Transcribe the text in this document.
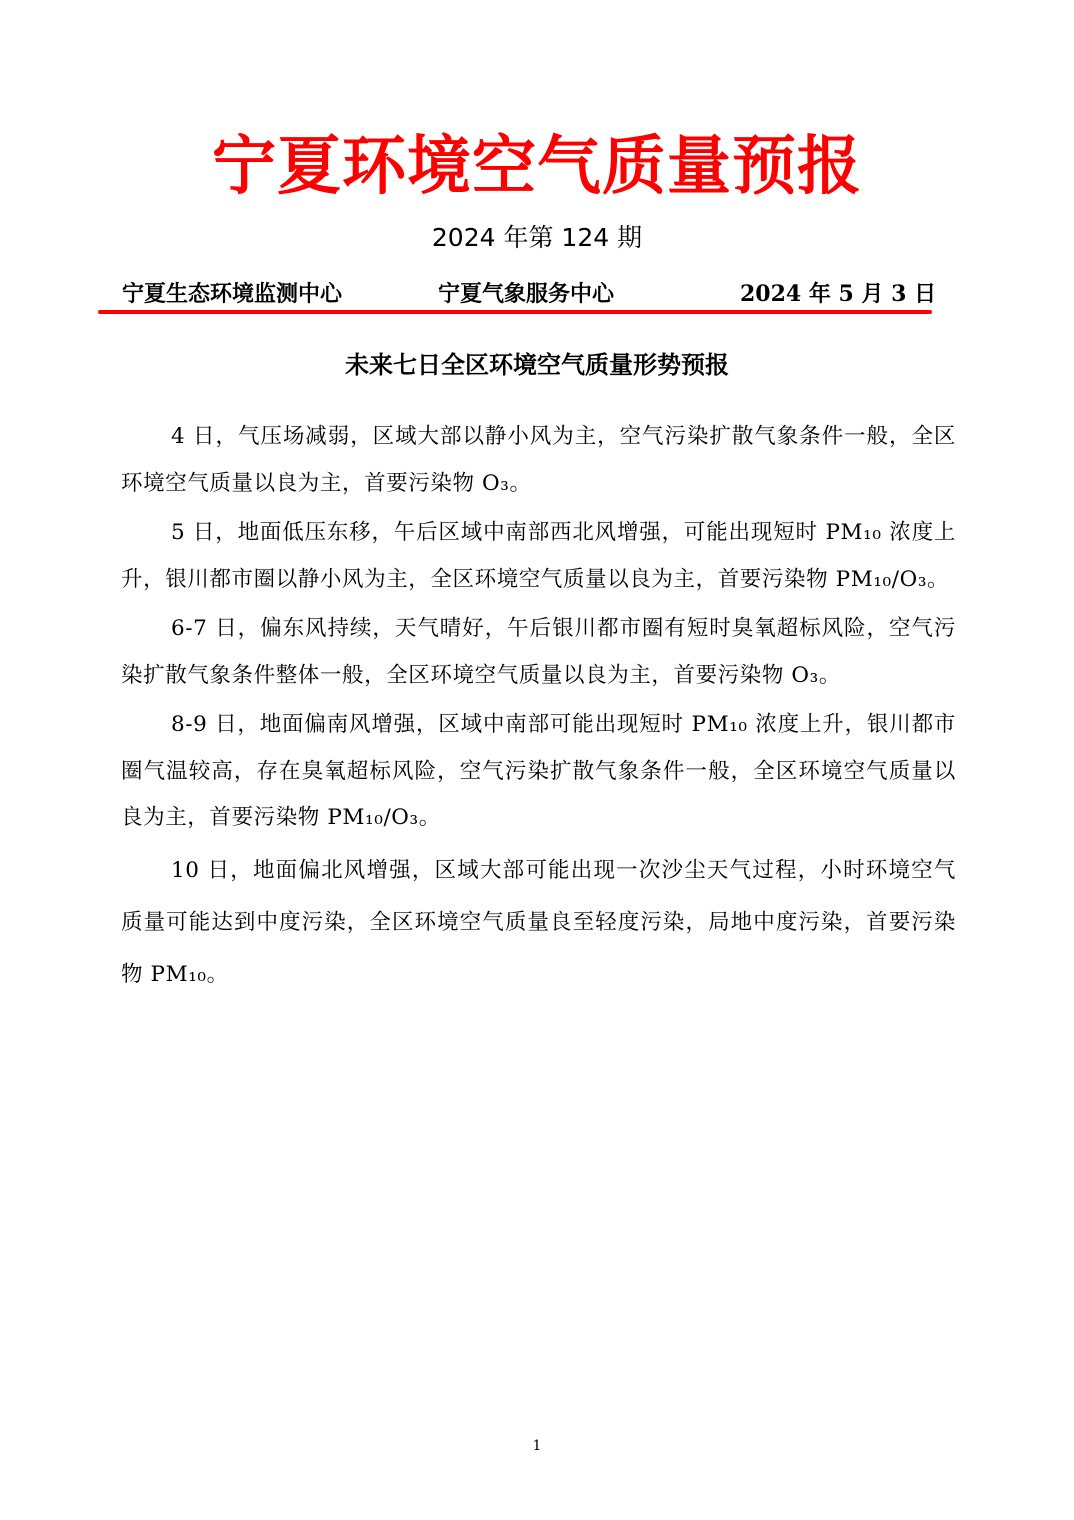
宁夏环境空气质量预报
2024 年第 124 期
宁夏生态环境监测中心	宁夏气象服务中心	2024 年 5 月 3 日
未来七日全区环境空气质量形势预报

4 日，气压场减弱，区域大部以静小风为主，空气污染扩散气象条件一般，全区环境空气质量以良为主，首要污染物 O₃。

5 日，地面低压东移，午后区域中南部西北风增强，可能出现短时 PM₁₀ 浓度上升，银川都市圈以静小风为主，全区环境空气质量以良为主，首要污染物 PM₁₀/O₃。

6-7 日，偏东风持续，天气晴好，午后银川都市圈有短时臭氧超标风险，空气污染扩散气象条件整体一般，全区环境空气质量以良为主，首要污染物 O₃。

8-9 日，地面偏南风增强，区域中南部可能出现短时 PM₁₀ 浓度上升，银川都市圈气温较高，存在臭氧超标风险，空气污染扩散气象条件一般，全区环境空气质量以良为主，首要污染物 PM₁₀/O₃。

10 日，地面偏北风增强，区域大部可能出现一次沙尘天气过程，小时环境空气质量可能达到中度污染，全区环境空气质量良至轻度污染，局地中度污染，首要污染物 PM₁₀。

1
